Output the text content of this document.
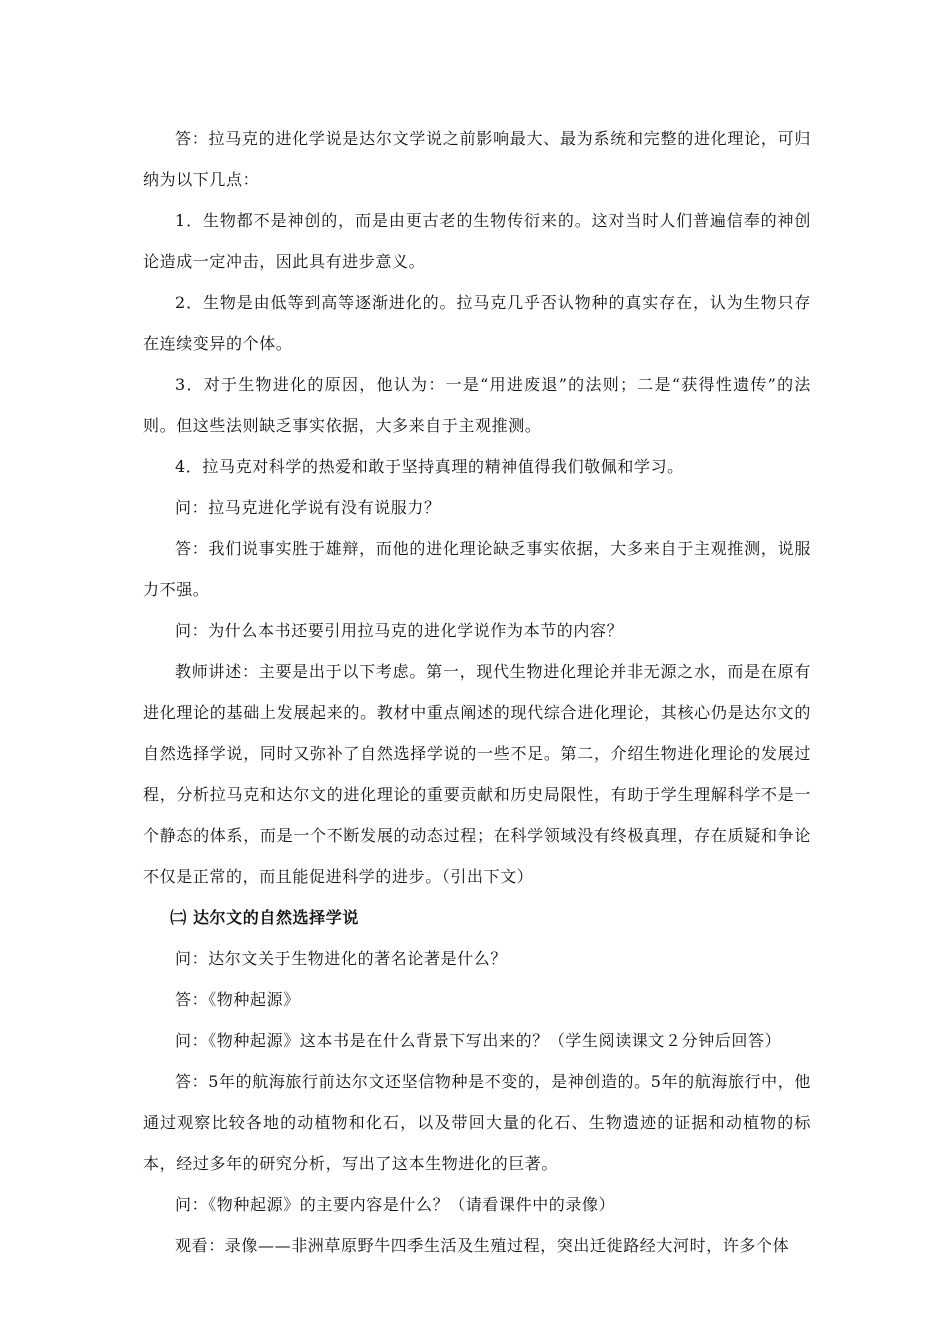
答：拉马克的进化学说是达尔文学说之前影响最大、最为系统和完整的进化理论，可归纳为以下几点：

1．生物都不是神创的，而是由更古老的生物传衍来的。这对当时人们普遍信奉的神创论造成一定冲击，因此具有进步意义。

2．生物是由低等到高等逐渐进化的。拉马克几乎否认物种的真实存在，认为生物只存在连续变异的个体。

3．对于生物进化的原因，他认为：一是“用进废退”的法则；二是“获得性遗传”的法则。但这些法则缺乏事实依据，大多来自于主观推测。

4．拉马克对科学的热爱和敢于坚持真理的精神值得我们敬佩和学习。

问：拉马克进化学说有没有说服力？

答：我们说事实胜于雄辩，而他的进化理论缺乏事实依据，大多来自于主观推测，说服力不强。

问：为什么本书还要引用拉马克的进化学说作为本节的内容？

教师讲述：主要是出于以下考虑。第一，现代生物进化理论并非无源之水，而是在原有进化理论的基础上发展起来的。教材中重点阐述的现代综合进化理论，其核心仍是达尔文的自然选择学说，同时又弥补了自然选择学说的一些不足。第二，介绍生物进化理论的发展过程，分析拉马克和达尔文的进化理论的重要贡献和历史局限性，有助于学生理解科学不是一个静态的体系，而是一个不断发展的动态过程；在科学领域没有终极真理，存在质疑和争论不仅是正常的，而且能促进科学的进步。（引出下文）

㈡ 达尔文的自然选择学说

问：达尔文关于生物进化的著名论著是什么？

答：《物种起源》

问：《物种起源》这本书是在什么背景下写出来的？（学生阅读课文２分钟后回答）

答：5年的航海旅行前达尔文还坚信物种是不变的，是神创造的。5年的航海旅行中，他通过观察比较各地的动植物和化石，以及带回大量的化石、生物遗迹的证据和动植物的标本，经过多年的研究分析，写出了这本生物进化的巨著。

问：《物种起源》的主要内容是什么？（请看课件中的录像）

观看：录像——非洲草原野牛四季生活及生殖过程，突出迁徙路经大河时，许多个体
